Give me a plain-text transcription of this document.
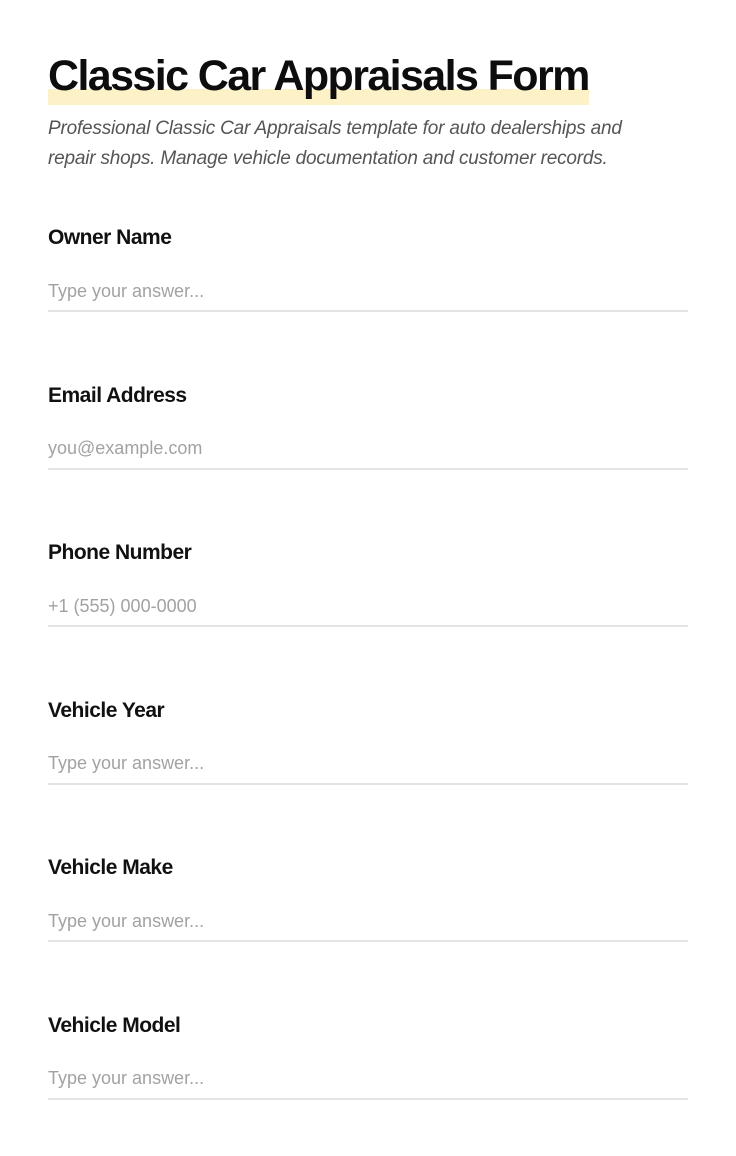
Classic Car Appraisals Form

Professional Classic Car Appraisals template for auto dealerships and repair shops. Manage vehicle documentation and customer records.

Owner Name
Type your answer...
Email Address
you@example.com
Phone Number
+1 (555) 000-0000
Vehicle Year
Type your answer...
Vehicle Make
Type your answer...
Vehicle Model
Type your answer...
